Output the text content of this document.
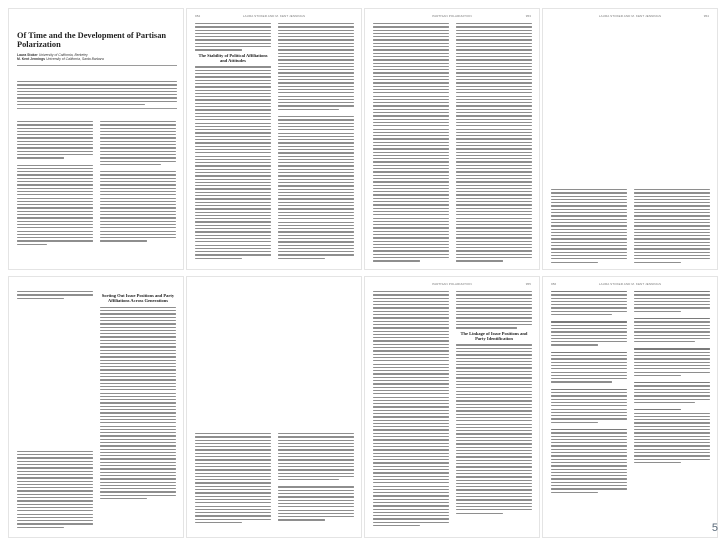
Of Time and the Development of Partisan Polarization
Laura Stoker University of California, Berkeley
M. Kent Jennings University of California, Santa Barbara
952	LAURA STOKER AND M. KENT JENNINGS
The Stability of Political Affiliations and Attitudes
PARTISAN POLARIZATION	953	LAURA STOKER AND M. KENT JENNINGS	954
Sorting Out Issue Positions and Party Affiliations Across Generations
PARTISAN POLARIZATION	955
The Linkage of Issue Positions and Party Identification
956	LAURA STOKER AND M. KENT JENNINGS
5
